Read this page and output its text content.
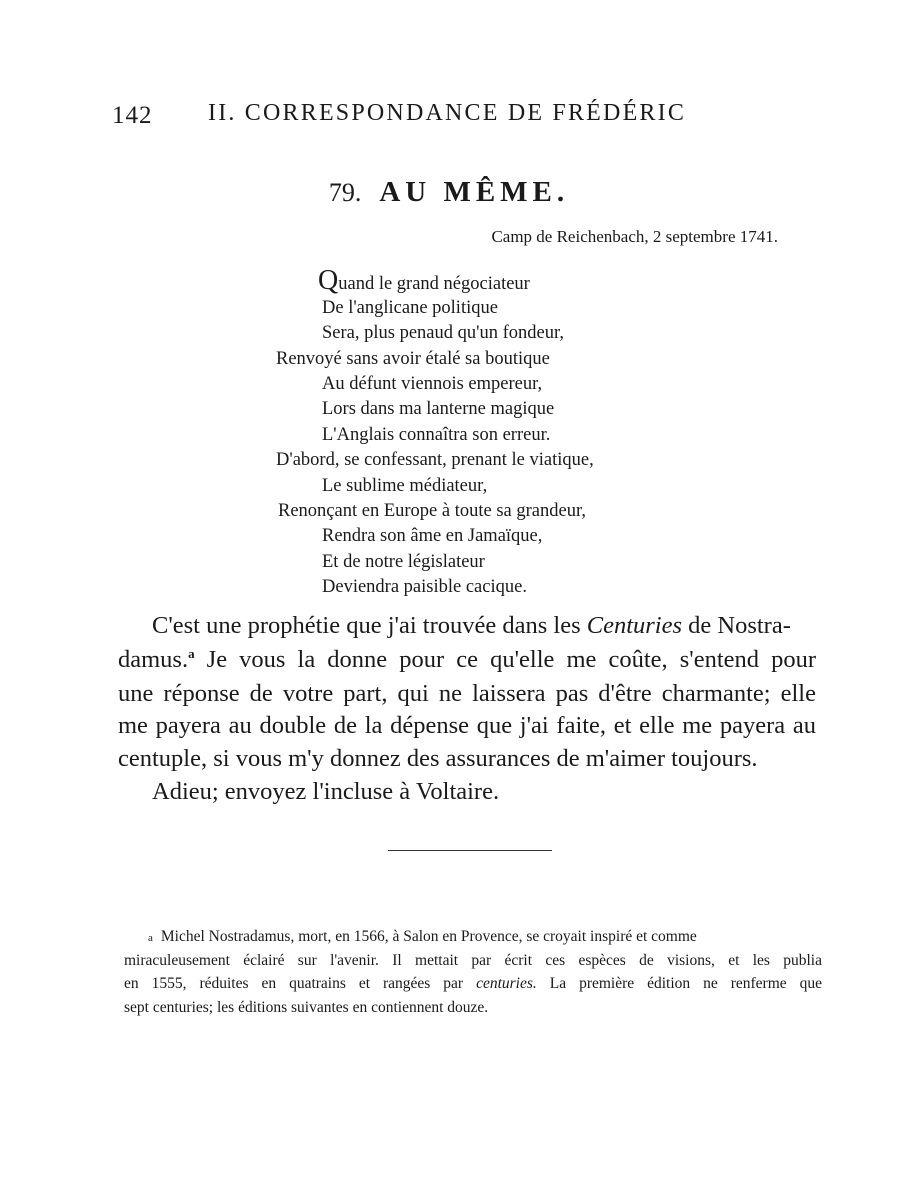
142 II. CORRESPONDANCE DE FRÉDÉRIC
79. AU MÊME.
Camp de Reichenbach, 2 septembre 1741.
Quand le grand négociateur
De l'anglicane politique
Sera, plus penaud qu'un fondeur,
Renvoyé sans avoir étalé sa boutique
Au défunt viennois empereur,
Lors dans ma lanterne magique
L'Anglais connaîtra son erreur.
D'abord, se confessant, prenant le viatique,
Le sublime médiateur,
Renonçant en Europe à toute sa grandeur,
Rendra son âme en Jamaïque,
Et de notre législateur
Deviendra paisible cacique.
C'est une prophétie que j'ai trouvée dans les Centuries de Nostra-
damus.$^a$ Je vous la donne pour ce qu'elle me coûte, s'entend pour
une réponse de votre part, qui ne laissera pas d'être charmante; elle
me payera au double de la dépense que j'ai faite, et elle me payera au
centuple, si vous m'y donnez des assurances de m'aimer toujours.
Adieu; envoyez l'incluse à Voltaire.
a Michel Nostradamus, mort, en 1566, à Salon en Provence, se croyait inspiré et comme
miraculeusement éclairé sur l'avenir. Il mettait par écrit ces espèces de visions, et les publia
en 1555, réduites en quatrains et rangées par centuries. La première édition ne renferme que
sept centuries; les éditions suivantes en contiennent douze.
